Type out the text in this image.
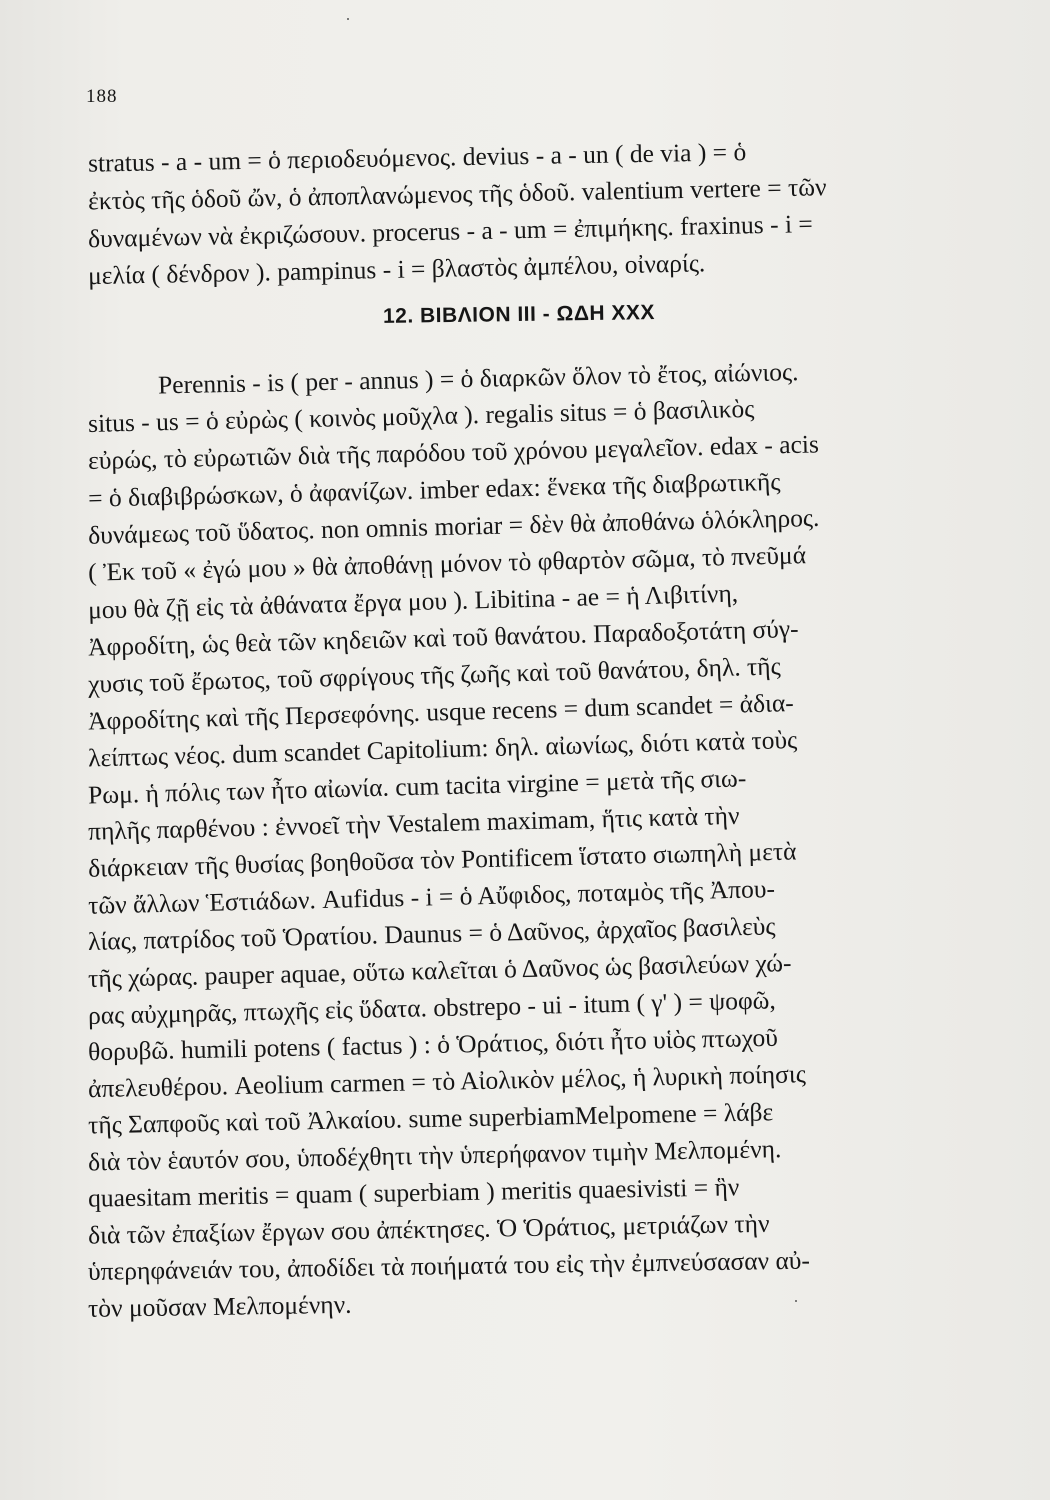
188
stratus - a - um = ὁ περιοδευόμενος. devius - a - un ( de via ) = ὁ
ἐκτὸς τῆς ὁδοῦ ὤν, ὁ ἀποπλανώμενος τῆς ὁδοῦ. valentium vertere = τῶν
δυναμένων νὰ ἐκριζώσουν. procerus - a - um = ἐπιμήκης. fraxinus - i =
μελία ( δένδρον ). pampinus - i = βλαστὸς ἀμπέλου, οἰναρίς.
12. ΒΙΒΛΙΟΝ III - ΩΔΗ XXX
Perennis - is ( per - annus ) = ὁ διαρκῶν ὅλον τὸ ἔτος, αἰώνιος.
situs - us = ὁ εὐρὼς ( κοινὸς μοῦχλα ). regalis situs = ὁ βασιλικὸς
εὐρώς, τὸ εὐρωτιῶν διὰ τῆς παρόδου τοῦ χρόνου μεγαλεῖον. edax - acis
= ὁ διαβιβρώσκων, ὁ ἀφανίζων. imber edax: ἕνεκα τῆς διαβρωτικῆς
δυνάμεως τοῦ ὕδατος. non omnis moriar = δὲν θὰ ἀποθάνω ὁλόκληρος.
( Ἐκ τοῦ « ἐγώ μου » θὰ ἀποθάνῃ μόνον τὸ φθαρτὸν σῶμα, τὸ πνεῦμά
μου θὰ ζῇ εἰς τὰ ἀθάνατα ἔργα μου ). Libitina - ae = ἡ Λιβιτίνη,
Ἀφροδίτη, ὡς θεὰ τῶν κηδειῶν καὶ τοῦ θανάτου. Παραδοξοτάτη σύγ-
χυσις τοῦ ἔρωτος, τοῦ σφρίγους τῆς ζωῆς καὶ τοῦ θανάτου, δηλ. τῆς
Ἀφροδίτης καὶ τῆς Περσεφόνης. usque recens = dum scandet = ἀδια-
λείπτως νέος. dum scandet Capitolium: δηλ. αἰωνίως, διότι κατὰ τοὺς
Ρωμ. ἡ πόλις των ἦτο αἰωνία. cum tacita virgine = μετὰ τῆς σιω-
πηλῆς παρθένου : ἐννοεῖ τὴν Vestalem maximam, ἥτις κατὰ τὴν
διάρκειαν τῆς θυσίας βοηθοῦσα τὸν Pontificem ἵστατο σιωπηλὴ μετὰ
τῶν ἄλλων Ἑστιάδων. Aufidus - i = ὁ Αὔφιδος, ποταμὸς τῆς Ἀπου-
λίας, πατρίδος τοῦ Ὁρατίου. Daunus = ὁ Δαῦνος, ἀρχαῖος βασιλεὺς
τῆς χώρας. pauper aquae, οὕτω καλεῖται ὁ Δαῦνος ὡς βασιλεύων χώ-
ρας αὐχμηρᾶς, πτωχῆς εἰς ὕδατα. obstrepo - ui - itum ( γ' ) = ψοφῶ,
θορυβῶ. humili potens ( factus ) : ὁ Ὁράτιος, διότι ἦτο υἱὸς πτωχοῦ
ἀπελευθέρου. Aeolium carmen = τὸ Αἰολικὸν μέλος, ἡ λυρικὴ ποίησις
τῆς Σαπφοῦς καὶ τοῦ Ἀλκαίου. sume superbiamMelpomene = λάβε
διὰ τὸν ἑαυτόν σου, ὑποδέχθητι τὴν ὑπερήφανον τιμὴν Μελπομένη.
quaesitam meritis = quam ( superbiam ) meritis quaesivisti = ἣν
διὰ τῶν ἐπαξίων ἔργων σου ἀπέκτησες. Ὁ Ὁράτιος, μετριάζων τὴν
ὑπερηφάνειάν του, ἀποδίδει τὰ ποιήματά του εἰς τὴν ἐμπνεύσασαν αὐ-
τὸν μοῦσαν Μελπομένην.
